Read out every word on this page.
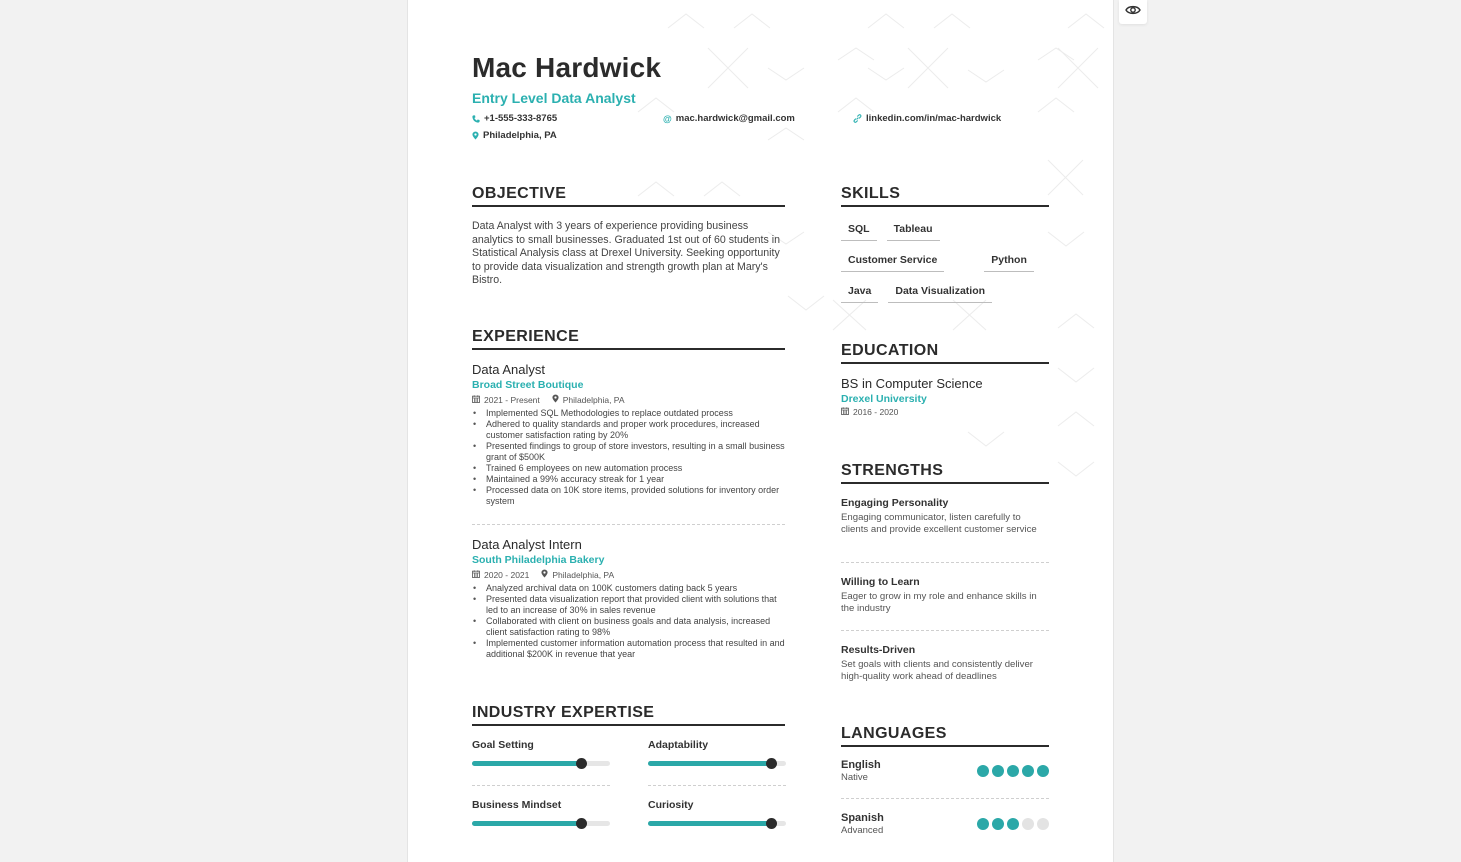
Mac Hardwick
Entry Level Data Analyst
+1-555-333-8765	@ mac.hardwick@gmail.com	linkedin.com/in/mac-hardwick
Philadelphia, PA
OBJECTIVE
Data Analyst with 3 years of experience providing business analytics to small businesses. Graduated 1st out of 60 students in Statistical Analysis class at Drexel University. Seeking opportunity to provide data visualization and strength growth plan at Mary's Bistro.
EXPERIENCE
Data Analyst
Broad Street Boutique
2021 - Present	Philadelphia, PA
• Implemented SQL Methodologies to replace outdated process
• Adhered to quality standards and proper work procedures, increased customer satisfaction rating by 20%
• Presented findings to group of store investors, resulting in a small business grant of $500K
• Trained 6 employees on new automation process
• Maintained a 99% accuracy streak for 1 year
• Processed data on 10K store items, provided solutions for inventory order system
Data Analyst Intern
South Philadelphia Bakery
2020 - 2021	Philadelphia, PA
• Analyzed archival data on 100K customers dating back 5 years
• Presented data visualization report that provided client with solutions that led to an increase of 30% in sales revenue
• Collaborated with client on business goals and data analysis, increased client satisfaction rating to 98%
• Implemented customer information automation process that resulted in and additional $200K in revenue that year
INDUSTRY EXPERTISE
Goal Setting	Adaptability
Business Mindset	Curiosity
SKILLS
SQL	Tableau
Customer Service	Python
Java	Data Visualization
EDUCATION
BS in Computer Science
Drexel University
2016 - 2020
STRENGTHS
Engaging Personality
Engaging communicator, listen carefully to clients and provide excellent customer service
Willing to Learn
Eager to grow in my role and enhance skills in the industry
Results-Driven
Set goals with clients and consistently deliver high-quality work ahead of deadlines
LANGUAGES
English
Native
Spanish
Advanced
